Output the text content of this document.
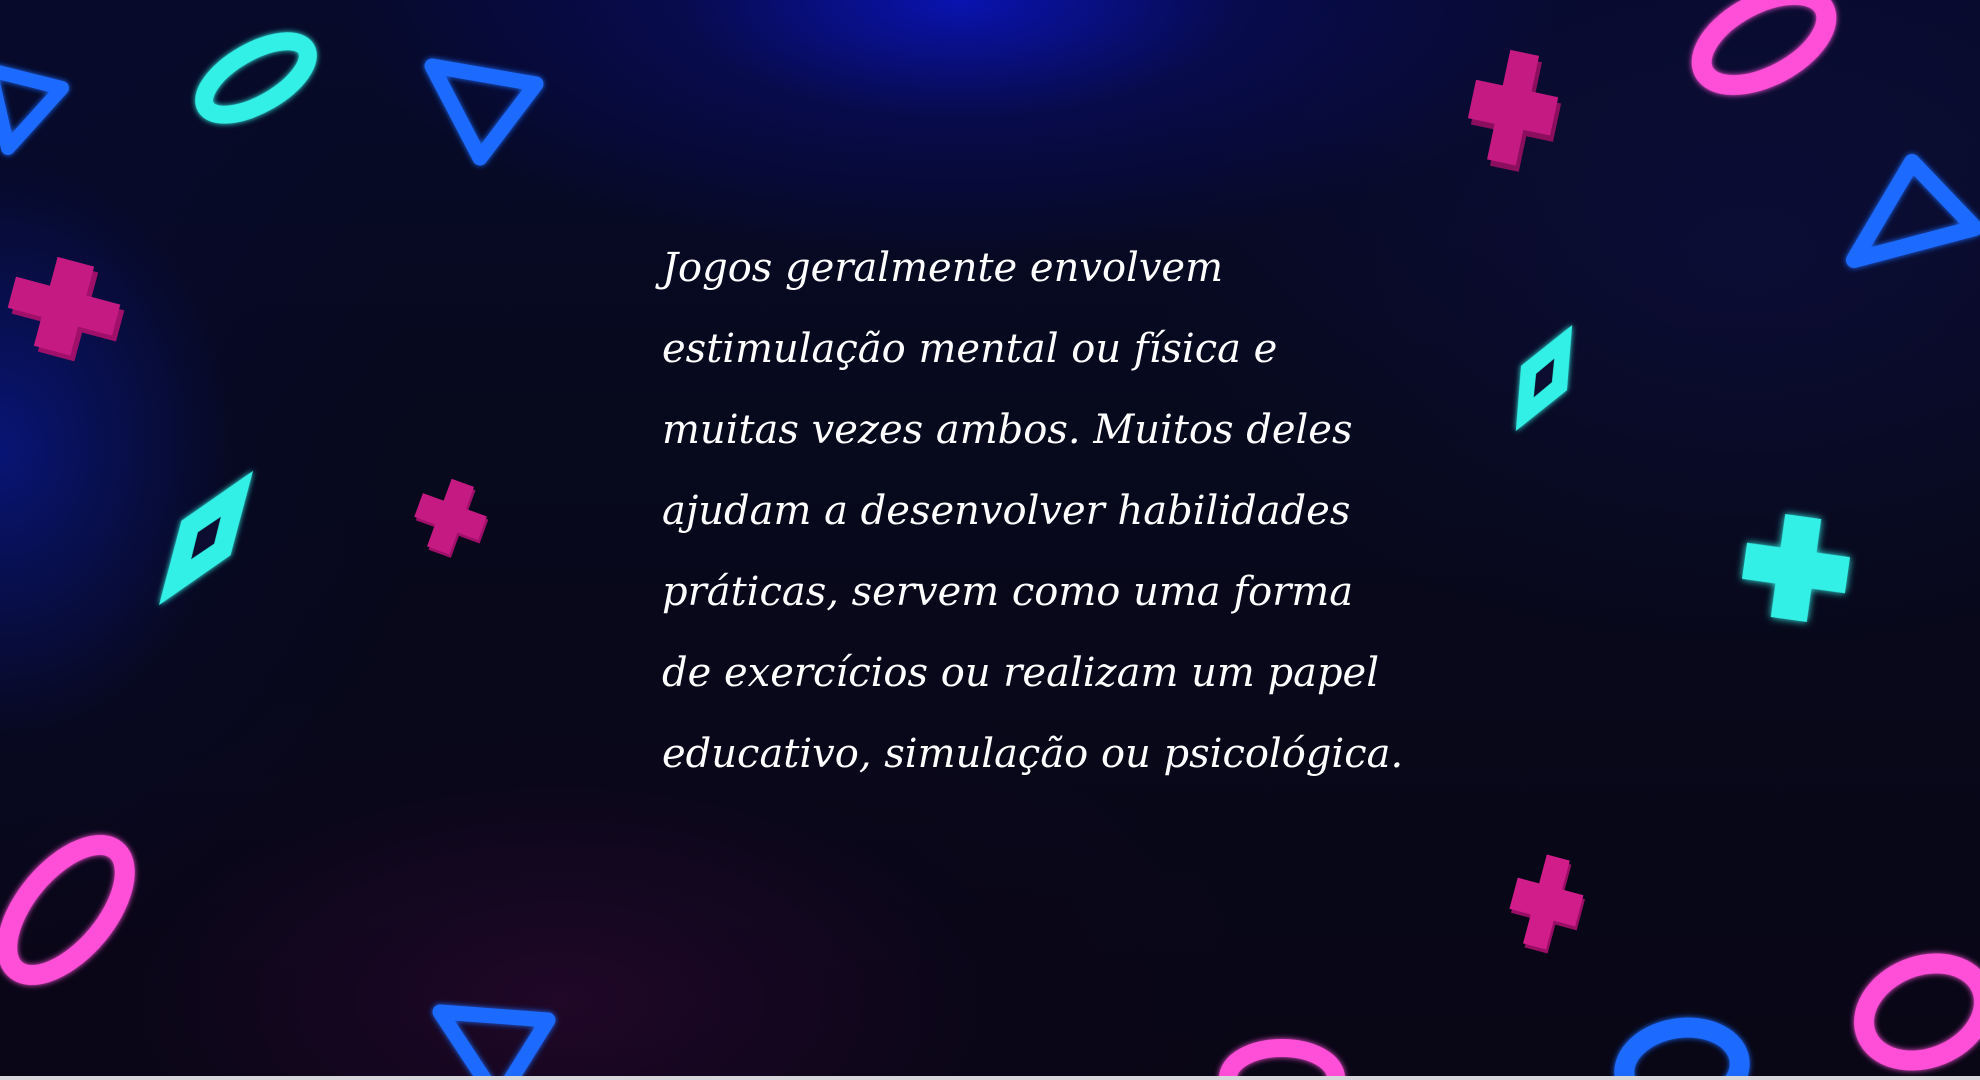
Jogos geralmente envolvem
estimulação mental ou física e
muitas vezes ambos. Muitos deles
ajudam a desenvolver habilidades
práticas, servem como uma forma
de exercícios ou realizam um papel
educativo, simulação ou psicológica.
